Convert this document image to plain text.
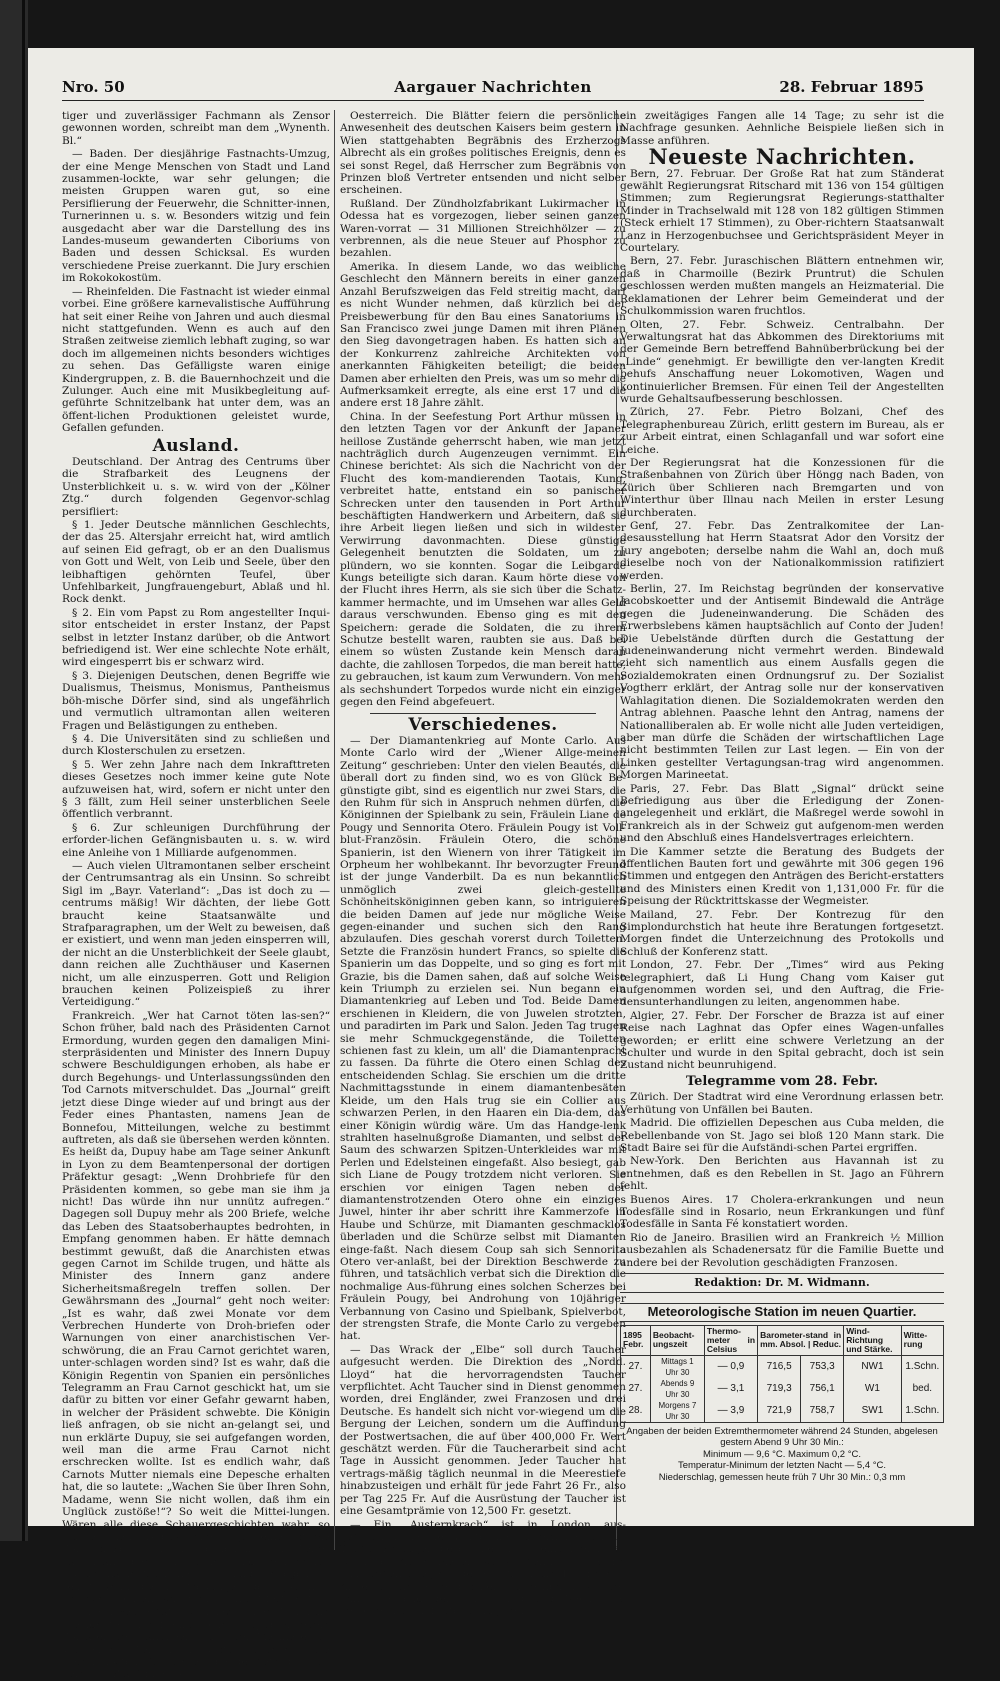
Nro. 50	Aargauer Nachrichten	28. Februar 1895

tiger und zuverlässiger Fachmann als Zensor gewonnen worden, schreibt man dem „Wynenth. Bl.“

— Baden. Der diesjährige Fastnachts-Umzug, der eine Menge Menschen von Stadt und Land zusammen-lockte, war sehr gelungen; die meisten Gruppen waren gut, so eine Persiflierung der Feuerwehr, die Schnitter-innen, Turnerinnen u. s. w. Besonders witzig und fein ausgedacht aber war die Darstellung des ins Landes-museum gewanderten Ciboriums von Baden und dessen Schicksal. Es wurden verschiedene Preise zuerkannt. Die Jury erschien im Rokokokostüm.

— Rheinfelden. Die Fastnacht ist wieder einmal vorbei. Eine größere karnevalistische Aufführung hat seit einer Reihe von Jahren und auch diesmal nicht stattgefunden. Wenn es auch auf den Straßen zeitweise ziemlich lebhaft zuging, so war doch im allgemeinen nichts besonders wichtiges zu sehen. Das Gefälligste waren einige Kindergruppen, z. B. die Bauernhochzeit und die Zulunger. Auch eine mit Musikbegleitung auf-geführte Schnitzelbank hat unter dem, was an öffent-lichen Produktionen geleistet wurde, Gefallen gefunden.

Ausland.

Deutschland. Der Antrag des Centrums über die Strafbarkeit des Leugnens der Unsterblichkeit u. s. w. wird von der „Kölner Ztg.“ durch folgenden Gegenvor-schlag persifliert:

§ 1. Jeder Deutsche männlichen Geschlechts, der das 25. Altersjahr erreicht hat, wird amtlich auf seinen Eid gefragt, ob er an den Dualismus von Gott und Welt, von Leib und Seele, über den leibhaftigen gehörnten Teufel, über Unfehlbarkeit, Jungfrauengeburt, Ablaß und hl. Rock denkt.

§ 2. Ein vom Papst zu Rom angestellter Inqui-sitor entscheidet in erster Instanz, der Papst selbst in letzter Instanz darüber, ob die Antwort befriedigend ist. Wer eine schlechte Note erhält, wird eingesperrt bis er schwarz wird.

§ 3. Diejenigen Deutschen, denen Begriffe wie Dualismus, Theismus, Monismus, Pantheismus böh-mische Dörfer sind, sind als ungefährlich und vermutlich ultramontan allen weiteren Fragen und Belästigungen zu entheben.

§ 4. Die Universitäten sind zu schließen und durch Klosterschulen zu ersetzen.

§ 5. Wer zehn Jahre nach dem Inkrafttreten dieses Gesetzes noch immer keine gute Note aufzuweisen hat, wird, sofern er nicht unter den § 3 fällt, zum Heil seiner unsterblichen Seele öffentlich verbrannt.

§ 6. Zur schleunigen Durchführung der erforder-lichen Gefängnisbauten u. s. w. wird eine Anleihe von 1 Milliarde aufgenommen.

— Auch vielen Ultramontanen selber erscheint der Centrumsantrag als ein Unsinn. So schreibt Sigl im „Bayr. Vaterland“: „Das ist doch zu — centrums mäßig! Wir dächten, der liebe Gott braucht keine Staatsanwälte und Strafparagraphen, um der Welt zu beweisen, daß er existiert, und wenn man jeden einsperren will, der nicht an die Unsterblichkeit der Seele glaubt, dann reichen alle Zuchthäuser und Kasernen nicht, um alle einzusperren. Gott und Religion brauchen keinen Polizeispieß zu ihrer Verteidigung.“

Frankreich. „Wer hat Carnot töten las-sen?“ Schon früher, bald nach des Präsidenten Carnot Ermordung, wurden gegen den damaligen Mini-sterpräsidenten und Minister des Innern Dupuy schwere Beschuldigungen erhoben, als habe er durch Begehungs- und Unterlassungssünden den Tod Carnots mitverschuldet. Das „Journal“ greift jetzt diese Dinge wieder auf und bringt aus der Feder eines Phantasten, namens Jean de Bonnefou, Mitteilungen, welche zu bestimmt auftreten, als daß sie übersehen werden könnten. Es heißt da, Dupuy habe am Tage seiner Ankunft in Lyon zu dem Beamtenpersonal der dortigen Präfektur gesagt: „Wenn Drohbriefe für den Präsidenten kommen, so gebe man sie ihm ja nicht! Das würde ihn nur unnütz aufregen.“ Dagegen soll Dupuy mehr als 200 Briefe, welche das Leben des Staatsoberhauptes bedrohten, in Empfang genommen haben. Er hätte demnach bestimmt gewußt, daß die Anarchisten etwas gegen Carnot im Schilde trugen, und hätte als Minister des Innern ganz andere Sicherheitsmaßregeln treffen sollen. Der Gewährsmann des „Journal“ geht noch weiter: „Ist es wahr, daß zwei Monate vor dem Verbrechen Hunderte von Droh-briefen oder Warnungen von einer anarchistischen Ver-schwörung, die an Frau Carnot gerichtet waren, unter-schlagen worden sind? Ist es wahr, daß die Königin Regentin von Spanien ein persönliches Telegramm an Frau Carnot geschickt hat, um sie dafür zu bitten vor einer Gefahr gewarnt haben, in welcher der Präsident schwebte. Die Königin ließ anfragen, ob sie nicht an-gelangt sei, und nun erklärte Dupuy, sie sei aufgefangen worden, weil man die arme Frau Carnot nicht erschrecken wollte. Ist es endlich wahr, daß Carnots Mutter niemals eine Depesche erhalten hat, die so lautete: „Wachen Sie über Ihren Sohn, Madame, wenn Sie nicht wollen, daß ihm ein Unglück zustöße!“? So weit die Mittei-lungen. Wären alle diese Schauergeschichten wahr, so würde man Dupuy allerdings eine starke Sorglosigkeit nicht absprechen können. Weiter darf man aber nicht gehen und dem armen Dupuy namentlich keine Schuld beilegen — selbst wenn die Ausstreuungen des „Jour-nal“ wahr sein sollten, was wir noch nicht feststeht.

— Felix Faure hat aus Anlaß seiner Wahl zum Präsidenten der französischen Republik jedem Soldaten des Landheeres und der Marine einen Viertelliter Wein zum Besten gegeben. Die Gesamtkosten für diese Spende beträgt nach dem „Gil Blas“ Fr. 69,000.

Oesterreich. Die Blätter feiern die persönliche Anwesenheit des deutschen Kaisers beim gestern in Wien stattgehabten Begräbnis des Erzherzogs Albrecht als ein großes politisches Ereignis, denn es sei sonst Regel, daß Herrscher zum Begräbnis von Prinzen bloß Vertreter entsenden und nicht selber erscheinen.

Rußland. Der Zündholzfabrikant Lukirmacher in Odessa hat es vorgezogen, lieber seinen ganzen Waren-vorrat — 31 Millionen Streichhölzer — zu verbrennen, als die neue Steuer auf Phosphor zu bezahlen.

Amerika. In diesem Lande, wo das weibliche Geschlecht den Männern bereits in einer ganzen Anzahl Berufszweigen das Feld streitig macht, darf es nicht Wunder nehmen, daß kürzlich bei der Preisbewerbung für den Bau eines Sanatoriums in San Francisco zwei junge Damen mit ihren Plänen den Sieg davongetragen haben. Es hatten sich an der Konkurrenz zahlreiche Architekten von anerkannten Fähigkeiten beteiligt; die beiden Damen aber erhielten den Preis, was um so mehr die Aufmerksamkeit erregte, als eine erst 17 und die andere erst 18 Jahre zählt.

China. In der Seefestung Port Arthur müssen in den letzten Tagen vor der Ankunft der Japaner heillose Zustände geherrscht haben, wie man jetzt nachträglich durch Augenzeugen vernimmt. Ein Chinese berichtet: Als sich die Nachricht von der Flucht des kom-mandierenden Taotais, Kung, verbreitet hatte, entstand ein so panischer Schrecken unter den tausenden in Port Arthur beschäftigten Handwerkern und Arbeitern, daß sie ihre Arbeit liegen ließen und sich in wildester Verwirrung davonmachten. Diese günstige Gelegenheit benutzten die Soldaten, um zu plündern, wo sie konnten. Sogar die Leibgarde Kungs beteiligte sich daran. Kaum hörte diese von der Flucht ihres Herrn, als sie sich über die Schatz-kammer hermachte, und im Umsehen war alles Geld daraus verschwunden. Ebenso ging es mit den Speichern: gerade die Soldaten, die zu ihrem Schutze bestellt waren, raubten sie aus. Daß bei einem so wüsten Zustande kein Mensch daran dachte, die zahllosen Torpedos, die man bereit hatte, zu gebrauchen, ist kaum zum Verwundern. Von mehr als sechshundert Torpedos wurde nicht ein einziger gegen den Feind abgefeuert.

Verschiedenes.

— Der Diamantenkrieg auf Monte Carlo. Aus Monte Carlo wird der „Wiener Allge-meinen Zeitung“ geschrieben: Unter den vielen Beautés, die überall dort zu finden sind, wo es von Glück Be-günstigte gibt, sind es eigentlich nur zwei Stars, die den Ruhm für sich in Anspruch nehmen dürfen, die Königinnen der Spielbank zu sein, Fräulein Liane de Pougy und Sennorita Otero. Fräulein Pougy ist Voll-blut-Französin. Fräulein Otero, die schöne Spanierin, ist den Wienern von ihrer Tätigkeit im Orpheum her wohlbekannt. Ihr bevorzugter Freund ist der junge Vanderbilt. Da es nun bekanntlich unmöglich zwei gleich-gestellte Schönheitsköniginnen geben kann, so intriguieren die beiden Damen auf jede nur mögliche Weise gegen-einander und suchen sich den Rang abzulaufen. Dies geschah vorerst durch Toiletten. Setzte die Französin hundert Francs, so spielte die Spanierin um das Doppelte, und so ging es fort mit Grazie, bis die Damen sahen, daß auf solche Weise kein Triumph zu erzielen sei. Nun begann ein Diamantenkrieg auf Leben und Tod. Beide Damen erschienen in Kleidern, die von Juwelen strotzten, und paradirten im Park und Salon. Jeden Tag trugen sie mehr Schmuckgegenstände, die Toiletten schienen fast zu klein, um all' die Diamantenpracht zu fassen. Da führte die Otero einen Schlag des entscheidenden Schlag. Sie erschien um die dritte Nachmittagsstunde in einem diamantenbesäten Kleide, um den Hals trug sie ein Collier aus schwarzen Perlen, in den Haaren ein Dia-dem, das einer Königin würdig wäre. Um das Handge-lenk strahlten haselnußgroße Diamanten, und selbst der Saum des schwarzen Spitzen-Unterkleides war mit Perlen und Edelsteinen eingefaßt. Also besiegt, gab sich Liane de Pougy trotzdem nicht verloren. Sie erschien vor einigen Tagen neben der diamantenstrotzenden Otero ohne ein einziges Juwel, hinter ihr aber schritt ihre Kammerzofe in Haube und Schürze, mit Diamanten geschmacklos überladen und die Schürze selbst mit Diamanten einge-faßt. Nach diesem Coup sah sich Sennorita Otero ver-anlaßt, bei der Direktion Beschwerde zu führen, und tatsächlich verbat sich die Direktion die nochmalige Aus-führung eines solchen Scherzes bei Fräulein Pougy, bei Androhung von 10jähriger Verbannung von Casino und Spielbank, Spielverbot, der strengsten Strafe, die Monte Carlo zu vergeben hat.

— Das Wrack der „Elbe“ soll durch Taucher aufgesucht werden. Die Direktion des „Nordd. Lloyd“ hat die hervorragendsten Taucher verpflichtet. Acht Taucher sind in Dienst genommen worden, drei Engländer, zwei Franzosen und drei Deutsche. Es handelt sich nicht vor-wiegend um die Bergung der Leichen, sondern um die Auffindung der Postwertsachen, die auf über 400,000 Fr. Wert geschätzt werden. Für die Taucherarbeit sind acht Tage in Aussicht genommen. Jeder Taucher hat vertrags-mäßig täglich neunmal in die Meerestiefe hinabzusteigen und erhält für jede Fahrt 26 Fr., also per Tag 225 Fr. Auf die Ausrüstung der Taucher ist eine Gesamtprämie von 12,500 Fr. gesetzt.

— Ein „Austernkrach“ ist in London aus-gebrochen, da die Aerzte die Austern neulich als Typhus-Erzeuger bezeichneten. In einem einzigen Londoner Austernkeller, wo wöchentlich 2000 Fr. einzugehen pflegten, gehen jetzt kaum 100 Fr. ein. An einer großen englischen Austernbank, wo der Fang während der Saison Tag und Nacht 300 Personen beschäftigte, genügt jetzt

ein zweitägiges Fangen alle 14 Tage; zu sehr ist die Nachfrage gesunken. Aehnliche Beispiele ließen sich in Masse anführen.

Neueste Nachrichten.

Bern, 27. Februar. Der Große Rat hat zum Ständerat gewählt Regierungsrat Ritschard mit 136 von 154 gültigen Stimmen; zum Regierungsrat Regierungs-statthalter Minder in Trachselwald mit 128 von 182 gültigen Stimmen (Steck erhielt 17 Stimmen), zu Ober-richtern Staatsanwalt Lanz in Herzogenbuchsee und Gerichtspräsident Meyer in Courtelary.

Bern, 27. Febr. Juraschischen Blättern entnehmen wir, daß in Charmoille (Bezirk Pruntrut) die Schulen geschlossen werden mußten mangels an Heizmaterial. Die Reklamationen der Lehrer beim Gemeinderat und der Schulkommission waren fruchtlos.

Olten, 27. Febr. Schweiz. Centralbahn. Der Verwaltungsrat hat das Abkommen des Direktoriums mit der Gemeinde Bern betreffend Bahnüberbrückung bei der „Linde“ genehmigt. Er bewilligte den ver-langten Kredit behufs Anschaffung neuer Lokomotiven, Wagen und kontinuierlicher Bremsen. Für einen Teil der Angestellten wurde Gehaltsaufbesserung beschlossen.

Zürich, 27. Febr. Pietro Bolzani, Chef des Telegraphenbureau Zürich, erlitt gestern im Bureau, als er zur Arbeit eintrat, einen Schlaganfall und war sofort eine Leiche.

Der Regierungsrat hat die Konzessionen für die Straßenbahnen von Zürich über Höngg nach Baden, von Zürich über Schlieren nach Bremgarten und von Winterthur über Illnau nach Meilen in erster Lesung durchberaten.

Genf, 27. Febr. Das Zentralkomitee der Lan-desausstellung hat Herrn Staatsrat Ador den Vorsitz der Jury angeboten; derselbe nahm die Wahl an, doch muß dieselbe noch von der Nationalkommission ratifiziert werden.

Berlin, 27. Im Reichstag begründen der konservative Jacobskoetter und der Antisemit Bindewald die Anträge gegen die Judeneinwanderung. Die Schäden des Erwerbslebens kämen hauptsächlich auf Conto der Juden! Die Uebelstände dürften durch die Gestattung der Judeneinwanderung nicht vermehrt werden. Bindewald zieht sich namentlich aus einem Ausfalls gegen die Sozialdemokraten einen Ordnungsruf zu. Der Sozialist Vogtherr erklärt, der Antrag solle nur der konservativen Wahlagitation dienen. Die Sozialdemokraten werden den Antrag ablehnen. Paasche lehnt den Antrag, namens der Nationalliberalen ab. Er wolle nicht alle Juden verteidigen, aber man dürfe die Schäden der wirtschaftlichen Lage nicht bestimmten Teilen zur Last legen. — Ein von der Linken gestellter Vertagungsan-trag wird angenommen. Morgen Marineetat.

Paris, 27. Febr. Das Blatt „Signal“ drückt seine Befriedigung aus über die Erledigung der Zonen-angelegenheit und erklärt, die Maßregel werde sowohl in Frankreich als in der Schweiz gut aufgenom-men werden und den Abschluß eines Handelsvertrages erleichtern.

Die Kammer setzte die Beratung des Budgets der öffentlichen Bauten fort und gewährte mit 306 gegen 196 Stimmen und entgegen den Anträgen des Bericht-erstatters und des Ministers einen Kredit von 1,131,000 Fr. für die Speisung der Rücktrittskasse der Wegmeister.

Mailand, 27. Febr. Der Kontrezug für den Simplondurchstich hat heute ihre Beratungen fortgesetzt. Morgen findet die Unterzeichnung des Protokolls und Schluß der Konferenz statt.

London, 27. Febr. Der „Times“ wird aus Peking telegraphiert, daß Li Hung Chang vom Kaiser gut aufgenommen worden sei, und den Auftrag, die Frie-densunterhandlungen zu leiten, angenommen habe.

Algier, 27. Febr. Der Forscher de Brazza ist auf einer Reise nach Laghnat das Opfer eines Wagen-unfalles geworden; er erlitt eine schwere Verletzung an der Schulter und wurde in den Spital gebracht, doch ist sein Zustand nicht beunruhigend.

Telegramme vom 28. Febr.

Zürich. Der Stadtrat wird eine Verordnung erlassen betr. Verhütung von Unfällen bei Bauten.

Madrid. Die offiziellen Depeschen aus Cuba melden, die Rebellenbande von St. Jago sei bloß 120 Mann stark. Die Stadt Baire sei für die Aufständi-schen Partei ergriffen.

New-York. Den Berichten aus Havannah ist zu entnehmen, daß es den Rebellen in St. Jago an Führern fehlt.

Buenos Aires. 17 Cholera-erkrankungen und neun Todesfälle sind in Rosario, neun Erkrankungen und fünf Todesfälle in Santa Fé konstatiert worden.

Rio de Janeiro. Brasilien wird an Frankreich ½ Million ausbezahlen als Schadenersatz für die Familie Buette und andere bei der Revolution geschädigten Franzosen.

Redaktion: Dr. M. Widmann.
Meteorologische Station im neuen Quartier.
1895 Febr.	Beobacht-ungszeit	Thermo-meter in Celsius	Barometer-stand in mm. Absol. | Reduc.		Wind-Richtung und Stärke.	Witte-rung
27.	Mittags 1 Uhr 30	— 0,9	716,5	753,3	NW1	1.Schn.
27.	Abends 9 Uhr 30	— 3,1	719,3	756,1	W1	bed.
28.	Morgens 7 Uhr 30	— 3,9	721,9	758,7	SW1	1.Schn.
Angaben der beiden Extremthermometer während 24 Stunden, abgelesen gestern Abend 9 Uhr 30 Min.:
Minimum — 9,6 °C. Maximum 0,2 °C.
Temperatur-Minimum der letzten Nacht — 5,4 °C.
Niederschlag, gemessen heute früh 7 Uhr 30 Min.: 0,3 mm
